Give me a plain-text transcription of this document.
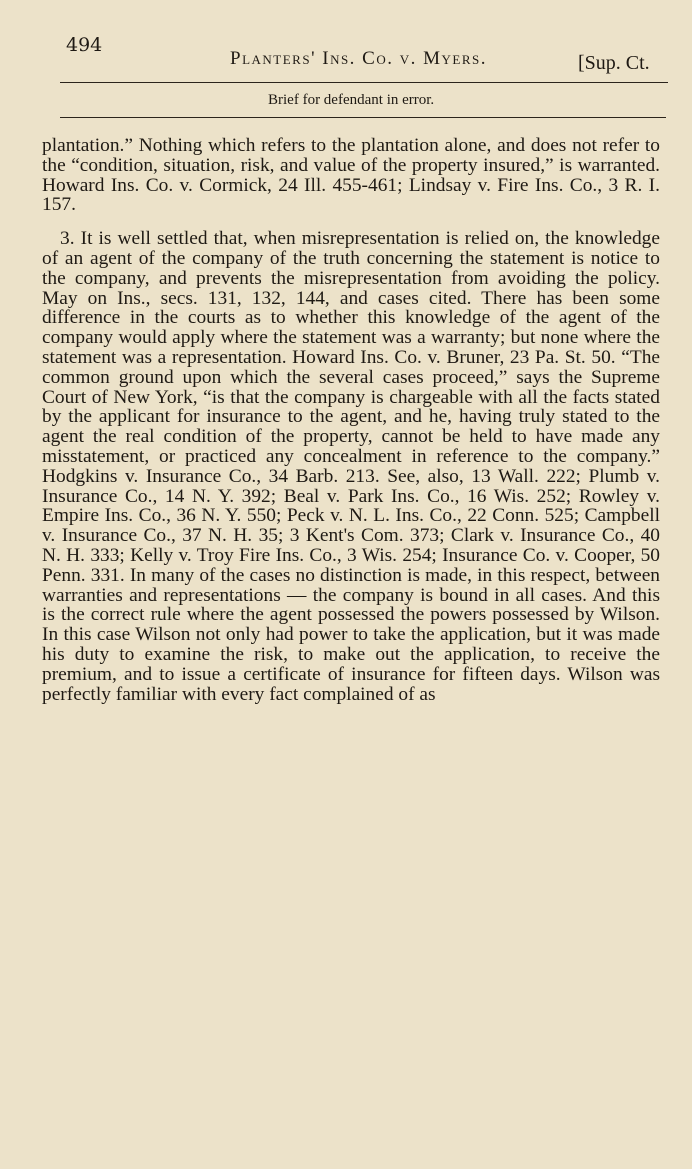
494
Planters' Ins. Co. v. Myers.	[Sup. Ct.
Brief for defendant in error.

plantation.” Nothing which refers to the plantation alone, and does not refer to the “condition, situation, risk, and value of the property insured,” is warranted. Howard Ins. Co. v. Cormick, 24 Ill. 455-461; Lindsay v. Fire Ins. Co., 3 R. I. 157.

3. It is well settled that, when misrepresentation is relied on, the knowledge of an agent of the company of the truth concerning the statement is notice to the company, and prevents the misrepresentation from avoiding the policy. May on Ins., secs. 131, 132, 144, and cases cited. There has been some difference in the courts as to whether this knowledge of the agent of the company would apply where the statement was a warranty; but none where the statement was a representation. Howard Ins. Co. v. Bruner, 23 Pa. St. 50. “The common ground upon which the several cases proceed,” says the Supreme Court of New York, “is that the company is chargeable with all the facts stated by the applicant for insurance to the agent, and he, having truly stated to the agent the real condition of the property, cannot be held to have made any misstatement, or practiced any concealment in reference to the company.” Hodgkins v. Insurance Co., 34 Barb. 213. See, also, 13 Wall. 222; Plumb v. Insurance Co., 14 N. Y. 392; Beal v. Park Ins. Co., 16 Wis. 252; Rowley v. Empire Ins. Co., 36 N. Y. 550; Peck v. N. L. Ins. Co., 22 Conn. 525; Campbell v. Insurance Co., 37 N. H. 35; 3 Kent's Com. 373; Clark v. Insurance Co., 40 N. H. 333; Kelly v. Troy Fire Ins. Co., 3 Wis. 254; Insurance Co. v. Cooper, 50 Penn. 331. In many of the cases no distinction is made, in this respect, between warranties and representations — the company is bound in all cases. And this is the correct rule where the agent possessed the powers possessed by Wilson. In this case Wilson not only had power to take the application, but it was made his duty to examine the risk, to make out the application, to receive the premium, and to issue a certificate of insurance for fifteen days. Wilson was perfectly familiar with every fact complained of as
